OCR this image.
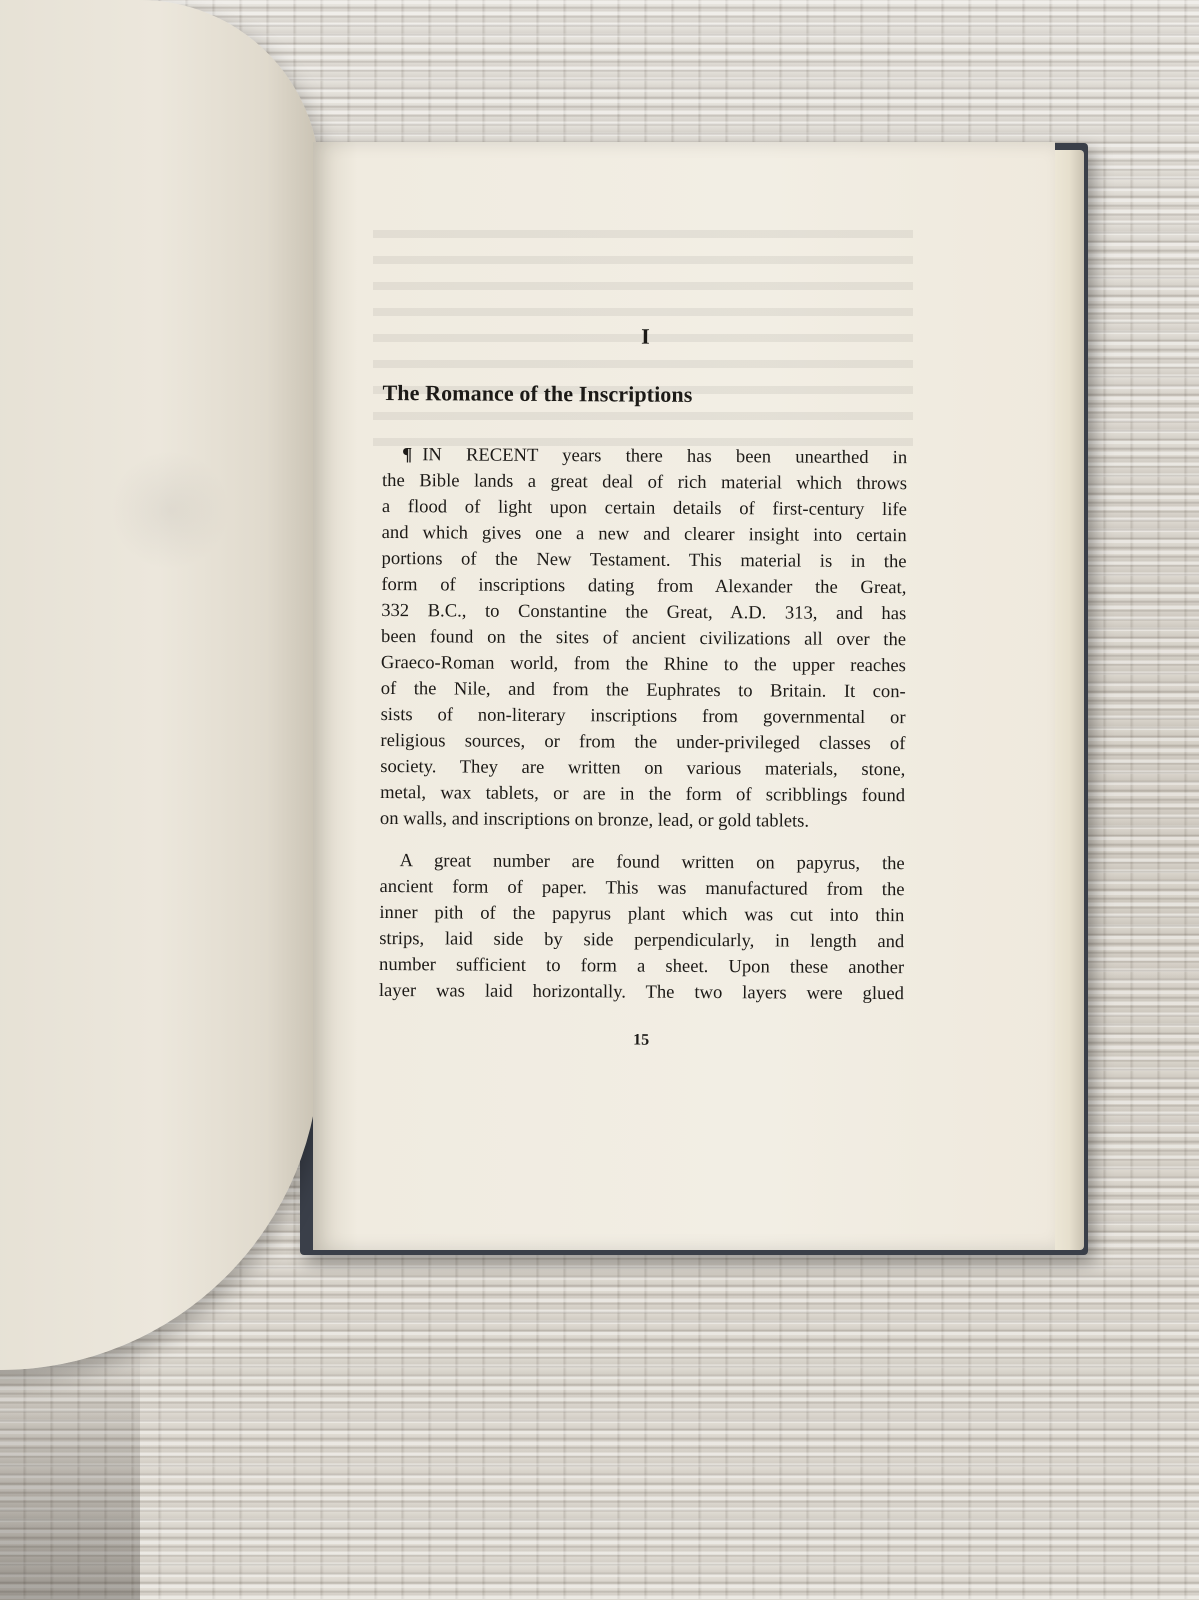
I
The Romance of the Inscriptions

¶ IN RECENT years there has been unearthed in
the Bible lands a great deal of rich material which throws
a flood of light upon certain details of first-century life
and which gives one a new and clearer insight into certain
portions of the New Testament. This material is in the
form of inscriptions dating from Alexander the Great,
332 B.C., to Constantine the Great, A.D. 313, and has
been found on the sites of ancient civilizations all over the
Graeco-Roman world, from the Rhine to the upper reaches
of the Nile, and from the Euphrates to Britain. It con-
sists of non-literary inscriptions from governmental or
religious sources, or from the under-privileged classes of
society. They are written on various materials, stone,
metal, wax tablets, or are in the form of scribblings found
on walls, and inscriptions on bronze, lead, or gold tablets.

A great number are found written on papyrus, the
ancient form of paper. This was manufactured from the
inner pith of the papyrus plant which was cut into thin
strips, laid side by side perpendicularly, in length and
number sufficient to form a sheet. Upon these another
layer was laid horizontally. The two layers were glued

15
